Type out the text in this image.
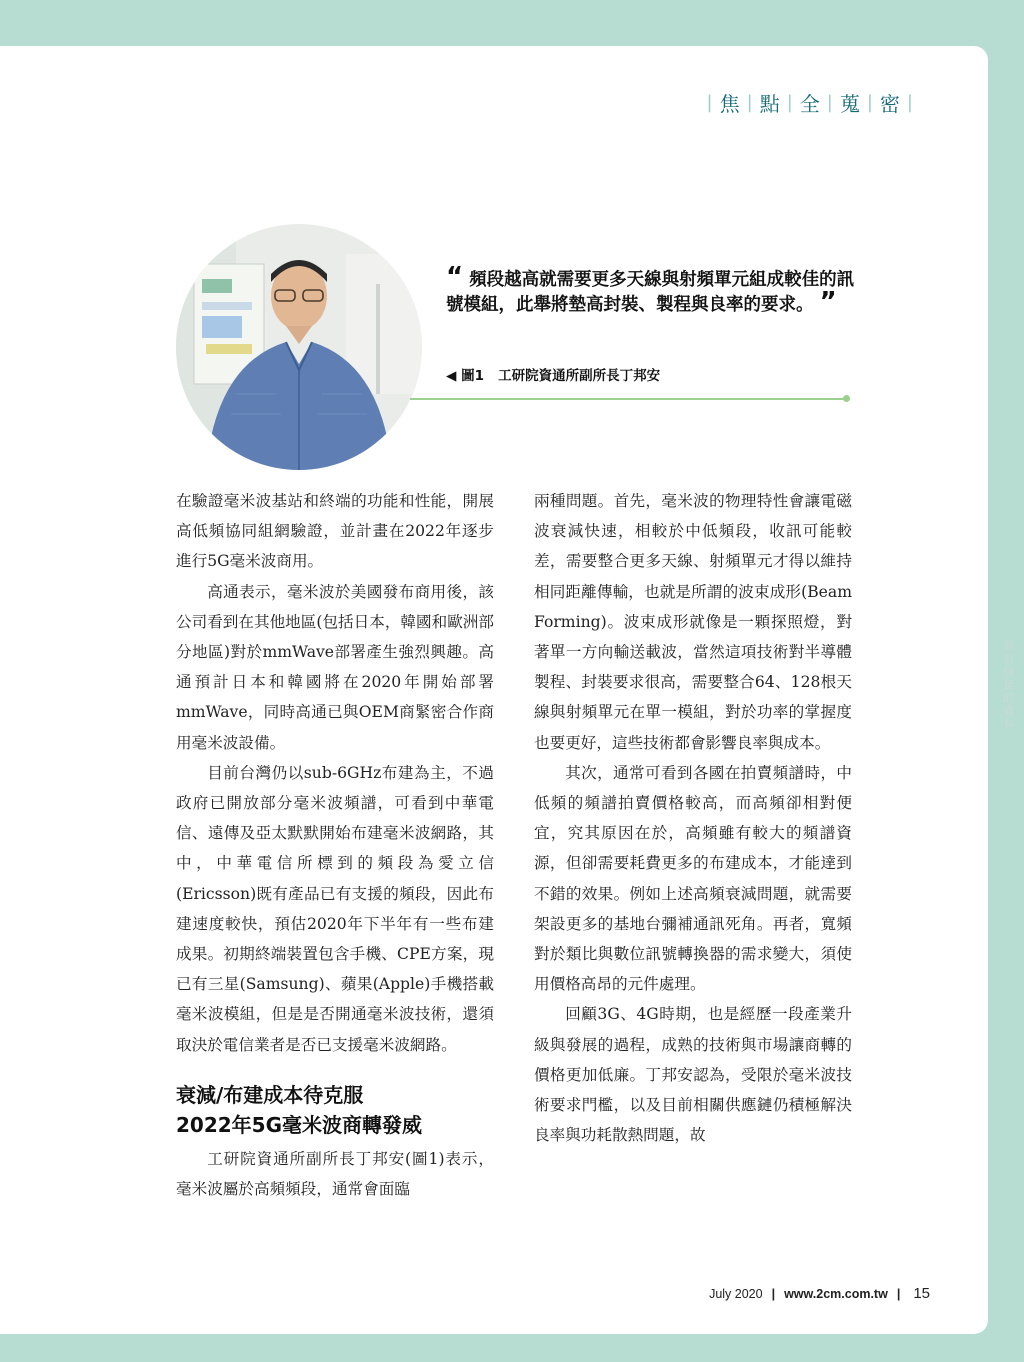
| 焦 | 點 | 全 | 蒐 | 密 |
“ 頻段越高就需要更多天線與射頻單元組成較佳的訊號模組，此舉將墊高封裝、製程與良率的要求。 ”
◀ 圖1 工研院資通所副所長丁邦安

在驗證毫米波基站和終端的功能和性能，開展高低頻協同組網驗證，並計畫在2022年逐步進行5G毫米波商用。

高通表示，毫米波於美國發布商用後，該公司看到在其他地區(包括日本，韓國和歐洲部分地區)對於mmWave部署產生強烈興趣。高通預計日本和韓國將在2020年開始部署mmWave，同時高通已與OEM商緊密合作商用毫米波設備。

目前台灣仍以sub-6GHz布建為主，不過政府已開放部分毫米波頻譜，可看到中華電信、遠傳及亞太默默開始布建毫米波網路，其中，中華電信所標到的頻段為愛立信(Ericsson)既有產品已有支援的頻段，因此布建速度較快，預估2020年下半年有一些布建成果。初期終端裝置包含手機、CPE方案，現已有三星(Samsung)、蘋果(Apple)手機搭載毫米波模組，但是是否開通毫米波技術，還須取決於電信業者是否已支援毫米波網路。

衰減/布建成本待克服
2022年5G毫米波商轉發威

工研院資通所副所長丁邦安(圖1)表示，毫米波屬於高頻頻段，通常會面臨

兩種問題。首先，毫米波的物理特性會讓電磁波衰減快速，相較於中低頻段，收訊可能較差，需要整合更多天線、射頻單元才得以維持相同距離傳輸，也就是所謂的波束成形(Beam Forming)。波束成形就像是一顆探照燈，對著單一方向輸送載波，當然這項技術對半導體製程、封裝要求很高，需要整合64、128根天線與射頻單元在單一模組，對於功率的掌握度也要更好，這些技術都會影響良率與成本。

其次，通常可看到各國在拍賣頻譜時，中低頻的頻譜拍賣價格較高，而高頻卻相對便宜，究其原因在於，高頻雖有較大的頻譜資源，但卻需要耗費更多的布建成本，才能達到不錯的效果。例如上述高頻衰減問題，就需要架設更多的基地台彌補通訊死角。再者，寬頻對於類比與數位訊號轉換器的需求變大，須使用價格高昂的元件處理。

回顧3G、4G時期，也是經歷一段產業升級與發展的過程，成熟的技術與市場讓商轉的價格更加低廉。丁邦安認為，受限於毫米波技術要求門檻，以及目前相關供應鏈仍積極解決良率與功耗散熱問題，故

July 2020 | www.2cm.com.tw | 15
具有保留的資料
